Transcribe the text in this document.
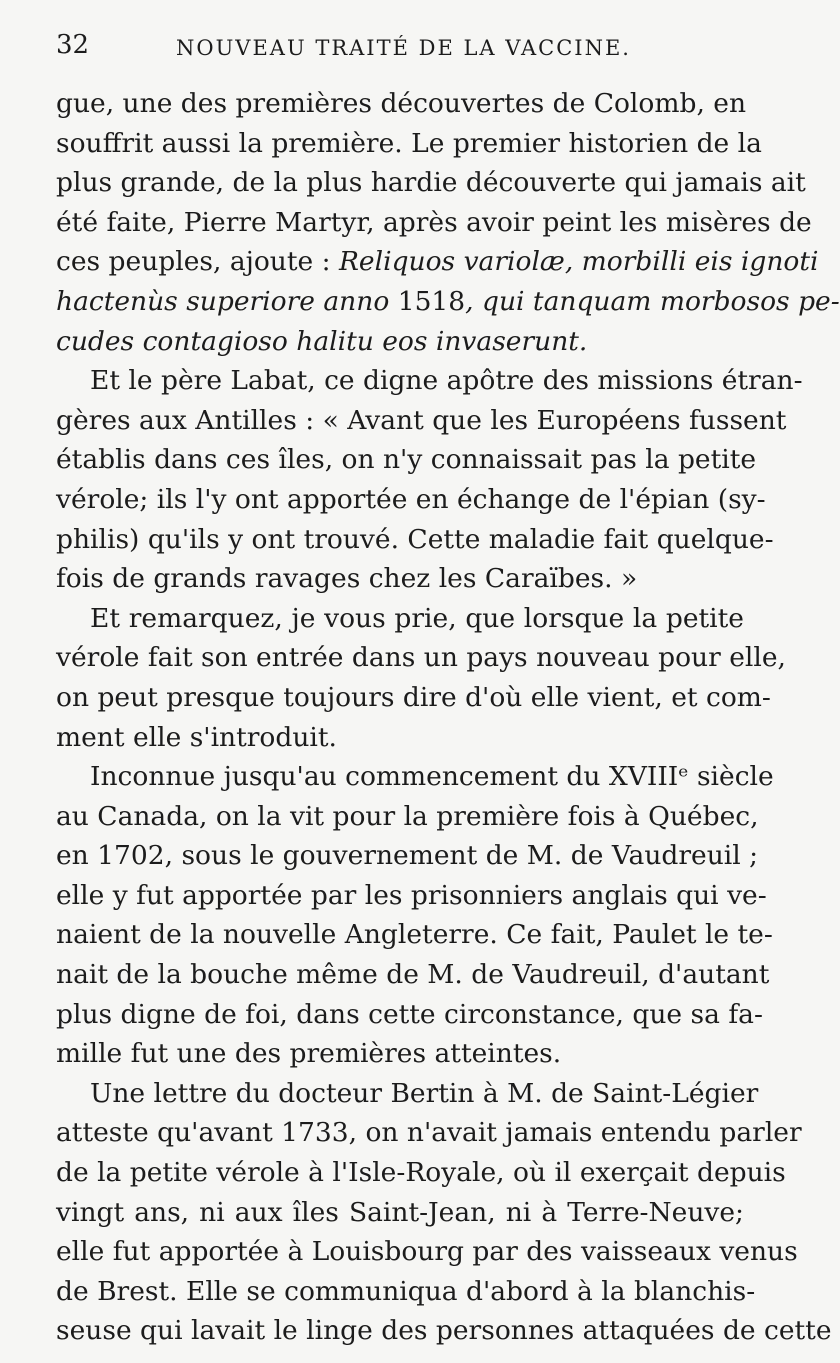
32	NOUVEAU TRAITÉ DE LA VACCINE.
gue, une des premières découvertes de Colomb, en
souffrit aussi la première. Le premier historien de la
plus grande, de la plus hardie découverte qui jamais ait
été faite, Pierre Martyr, après avoir peint les misères de
ces peuples, ajoute : Reliquos variolæ, morbilli eis ignoti
hactenùs superiore anno 1518, qui tanquam morbosos pe-
cudes contagioso halitu eos invaserunt.
Et le père Labat, ce digne apôtre des missions étran-
gères aux Antilles : « Avant que les Européens fussent
établis dans ces îles, on n'y connaissait pas la petite
vérole; ils l'y ont apportée en échange de l'épian (sy-
philis) qu'ils y ont trouvé. Cette maladie fait quelque-
fois de grands ravages chez les Caraïbes. »
Et remarquez, je vous prie, que lorsque la petite
vérole fait son entrée dans un pays nouveau pour elle,
on peut presque toujours dire d'où elle vient, et com-
ment elle s'introduit.
Inconnue jusqu'au commencement du XVIIIᵉ siècle
au Canada, on la vit pour la première fois à Québec,
en 1702, sous le gouvernement de M. de Vaudreuil ;
elle y fut apportée par les prisonniers anglais qui ve-
naient de la nouvelle Angleterre. Ce fait, Paulet le te-
nait de la bouche même de M. de Vaudreuil, d'autant
plus digne de foi, dans cette circonstance, que sa fa-
mille fut une des premières atteintes.
Une lettre du docteur Bertin à M. de Saint-Légier
atteste qu'avant 1733, on n'avait jamais entendu parler
de la petite vérole à l'Isle-Royale, où il exerçait depuis
vingt ans, ni aux îles Saint-Jean, ni à Terre-Neuve;
elle fut apportée à Louisbourg par des vaisseaux venus
de Brest. Elle se communiqua d'abord à la blanchis-
seuse qui lavait le linge des personnes attaquées de cette
